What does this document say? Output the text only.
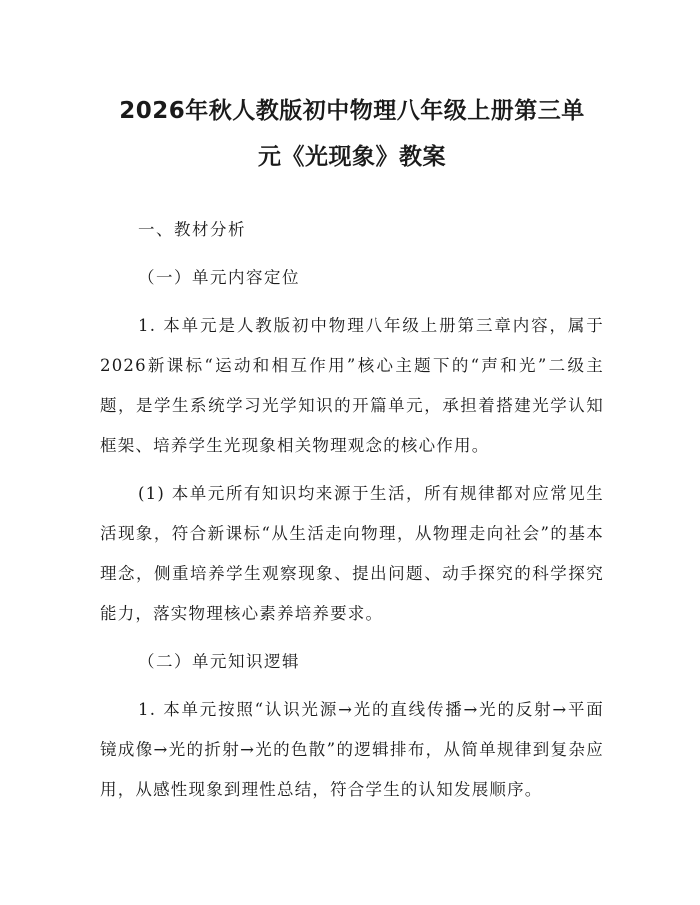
2026年秋人教版初中物理八年级上册第三单
元《光现象》教案

一、教材分析

（一）单元内容定位

1. 本单元是人教版初中物理八年级上册第三章内容，属于2026新课标“运动和相互作用”核心主题下的“声和光”二级主题，是学生系统学习光学知识的开篇单元，承担着搭建光学认知框架、培养学生光现象相关物理观念的核心作用。

(1) 本单元所有知识均来源于生活，所有规律都对应常见生活现象，符合新课标“从生活走向物理，从物理走向社会”的基本理念，侧重培养学生观察现象、提出问题、动手探究的科学探究能力，落实物理核心素养培养要求。

（二）单元知识逻辑

1. 本单元按照“认识光源→光的直线传播→光的反射→平面镜成像→光的折射→光的色散”的逻辑排布，从简单规律到复杂应用，从感性现象到理性总结，符合学生的认知发展顺序。
